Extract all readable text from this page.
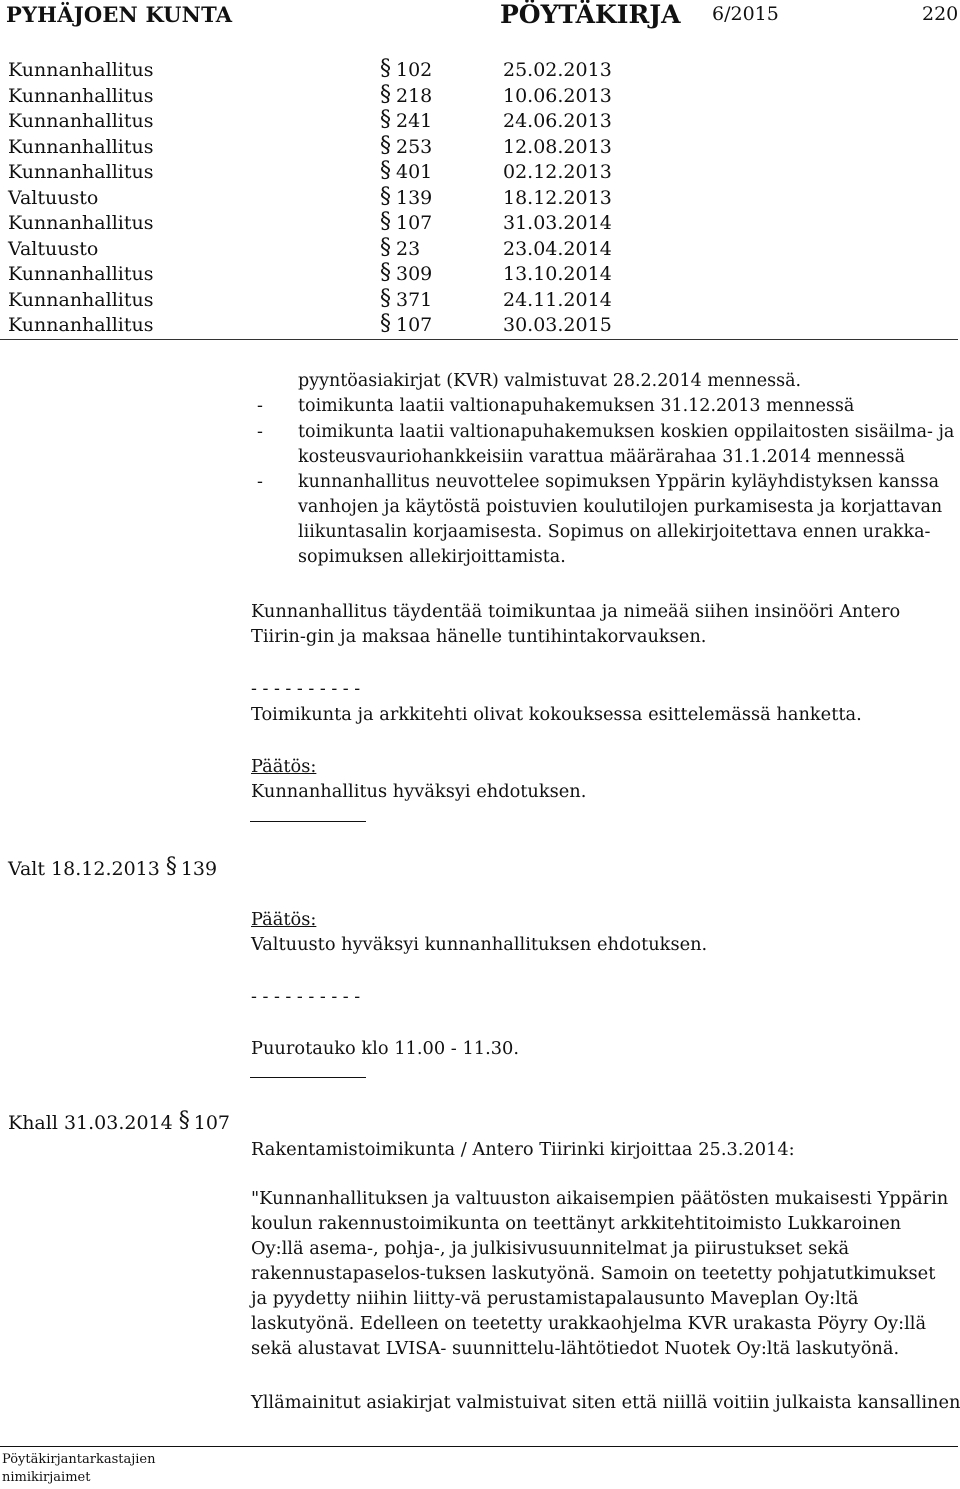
PYHÄJOEN KUNTA	PÖYTÄKIRJA 6/2015	220
Kunnanhallitus	§ 102	25.02.2013
Kunnanhallitus	§ 218	10.06.2013
Kunnanhallitus	§ 241	24.06.2013
Kunnanhallitus	§ 253	12.08.2013
Kunnanhallitus	§ 401	02.12.2013
Valtuusto	§ 139	18.12.2013
Kunnanhallitus	§ 107	31.03.2014
Valtuusto	§ 23	23.04.2014
Kunnanhallitus	§ 309	13.10.2014
Kunnanhallitus	§ 371	24.11.2014
Kunnanhallitus	§ 107	30.03.2015
pyyntöasiakirjat (KVR) valmistuvat 28.2.2014 mennessä.
- toimikunta laatii valtionapuhakemuksen 31.12.2013 mennessä
- toimikunta laatii valtionapuhakemuksen koskien oppilaitosten sisäilma- ja kosteusvauriohankkeisiin varattua määrärahaa 31.1.2014 mennessä
- kunnanhallitus neuvottelee sopimuksen Yppärin kyläyhdistyksen kanssa vanhojen ja käytöstä poistuvien koulutilojen purkamisesta ja korjattavan liikuntasalin korjaamisesta. Sopimus on allekirjoitettava ennen urakka-sopimuksen allekirjoittamista.
Kunnanhallitus täydentää toimikuntaa ja nimeää siihen insinööri Antero Tiirin-gin ja maksaa hänelle tuntihintakorvauksen.
- - - - - - - - - -
Toimikunta ja arkkitehti olivat kokouksessa esittelemässä hanketta.
Päätös:
Kunnanhallitus hyväksyi ehdotuksen.
Valt 18.12.2013 § 139
Päätös:
Valtuusto hyväksyi kunnanhallituksen ehdotuksen.
- - - - - - - - - -
Puurotauko klo 11.00 - 11.30.
Khall 31.03.2014 § 107
Rakentamistoimikunta / Antero Tiirinki kirjoittaa 25.3.2014:
"Kunnanhallituksen ja valtuuston aikaisempien päätösten mukaisesti Yppärin koulun rakennustoimikunta on teettänyt arkkitehtitoimisto Lukkaroinen Oy:llä asema-, pohja-, ja julkisivusuunnitelmat ja piirustukset sekä rakennustapaselos-tuksen laskutyönä. Samoin on teetetty pohjatutkimukset ja pyydetty niihin liitty-vä perustamistapalausunto Maveplan Oy:ltä laskutyönä. Edelleen on teetetty urakkaohjelma KVR urakasta Pöyry Oy:llä sekä alustavat LVISA- suunnittelu-lähtötiedot Nuotek Oy:ltä laskutyönä.
Yllämainitut asiakirjat valmistuivat siten että niillä voitiin julkaista kansallinen
Pöytäkirjantarkastajien nimikirjaimet
